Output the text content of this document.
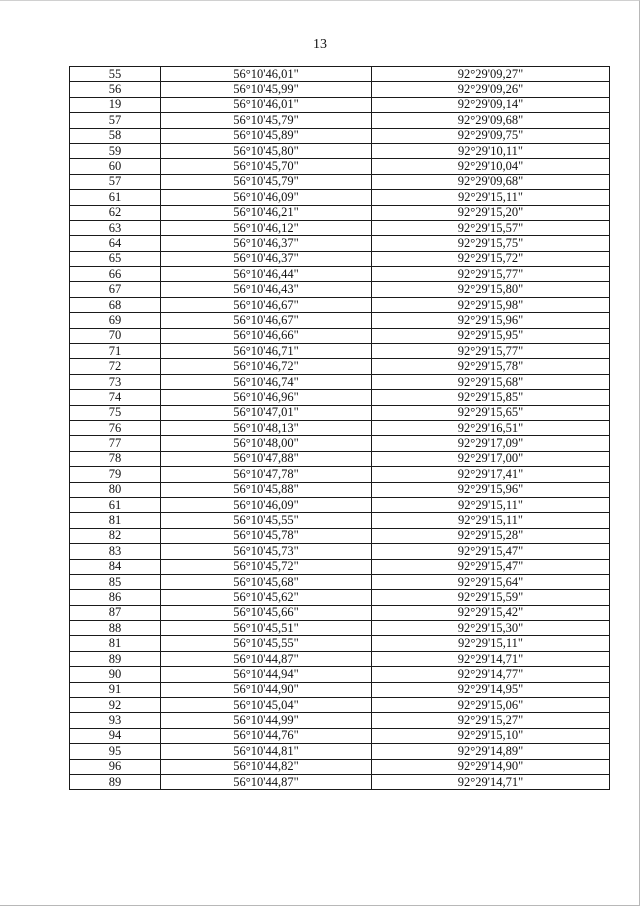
13
55	56°10'46,01"	92°29'09,27"
56	56°10'45,99"	92°29'09,26"
19	56°10'46,01"	92°29'09,14"
57	56°10'45,79"	92°29'09,68"
58	56°10'45,89"	92°29'09,75"
59	56°10'45,80"	92°29'10,11"
60	56°10'45,70"	92°29'10,04"
57	56°10'45,79"	92°29'09,68"
61	56°10'46,09"	92°29'15,11"
62	56°10'46,21"	92°29'15,20"
63	56°10'46,12"	92°29'15,57"
64	56°10'46,37"	92°29'15,75"
65	56°10'46,37"	92°29'15,72"
66	56°10'46,44"	92°29'15,77"
67	56°10'46,43"	92°29'15,80"
68	56°10'46,67"	92°29'15,98"
69	56°10'46,67"	92°29'15,96"
70	56°10'46,66"	92°29'15,95"
71	56°10'46,71"	92°29'15,77"
72	56°10'46,72"	92°29'15,78"
73	56°10'46,74"	92°29'15,68"
74	56°10'46,96"	92°29'15,85"
75	56°10'47,01"	92°29'15,65"
76	56°10'48,13"	92°29'16,51"
77	56°10'48,00"	92°29'17,09"
78	56°10'47,88"	92°29'17,00"
79	56°10'47,78"	92°29'17,41"
80	56°10'45,88"	92°29'15,96"
61	56°10'46,09"	92°29'15,11"
81	56°10'45,55"	92°29'15,11"
82	56°10'45,78"	92°29'15,28"
83	56°10'45,73"	92°29'15,47"
84	56°10'45,72"	92°29'15,47"
85	56°10'45,68"	92°29'15,64"
86	56°10'45,62"	92°29'15,59"
87	56°10'45,66"	92°29'15,42"
88	56°10'45,51"	92°29'15,30"
81	56°10'45,55"	92°29'15,11"
89	56°10'44,87"	92°29'14,71"
90	56°10'44,94"	92°29'14,77"
91	56°10'44,90"	92°29'14,95"
92	56°10'45,04"	92°29'15,06"
93	56°10'44,99"	92°29'15,27"
94	56°10'44,76"	92°29'15,10"
95	56°10'44,81"	92°29'14,89"
96	56°10'44,82"	92°29'14,90"
89	56°10'44,87"	92°29'14,71"
